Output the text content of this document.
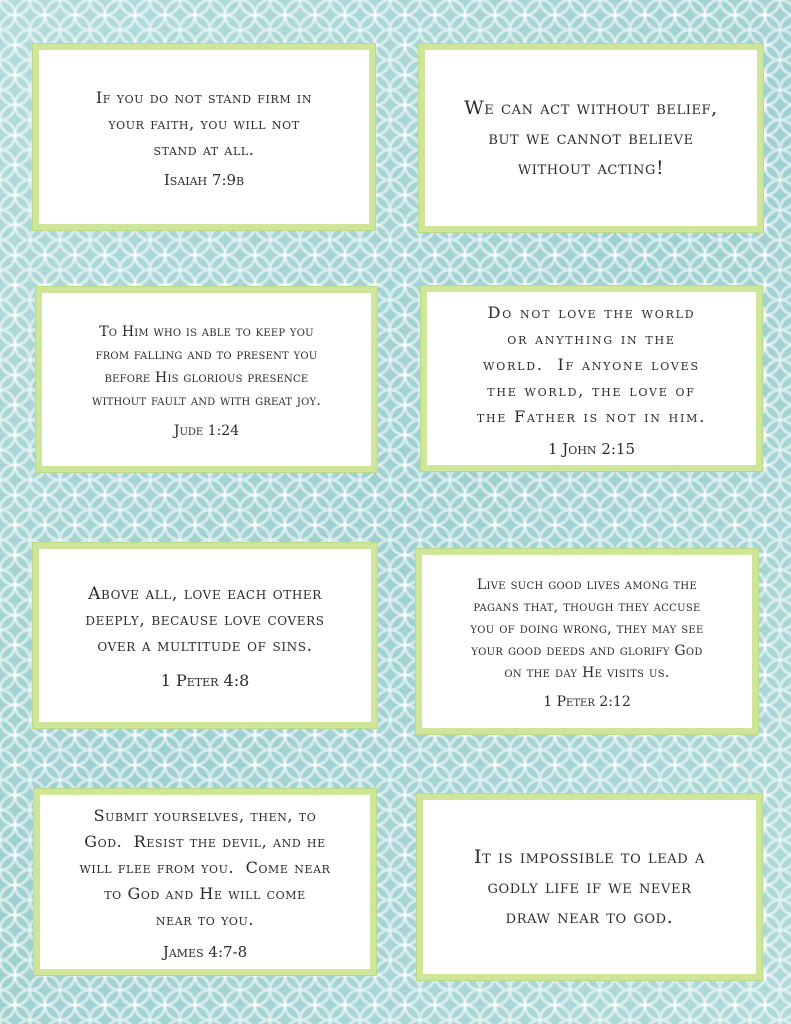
If you do not stand firm in
your faith, you will not
stand at all.
Isaiah 7:9b
We can act without belief,
but we cannot believe
without acting!
To Him who is able to keep you
from falling and to present you
before His glorious presence
without fault and with great joy.
Jude 1:24
Do not love the world
or anything in the
world.  If anyone loves
the world, the love of
the Father is not in him.
1 John 2:15
Above all, love each other
deeply, because love covers
over a multitude of sins.
1 Peter 4:8
Live such good lives among the
pagans that, though they accuse
you of doing wrong, they may see
your good deeds and glorify God
on the day He visits us.
1 Peter 2:12
Submit yourselves, then, to
God.  Resist the devil, and he
will flee from you.  Come near
to God and He will come
near to you.
James 4:7-8
It is impossible to lead a
godly life if we never
draw near to god.
